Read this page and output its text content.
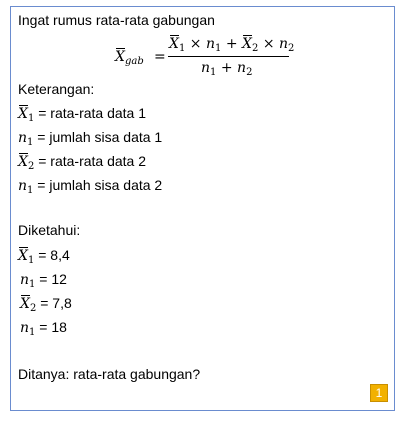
Ingat rumus rata-rata gabungan
$X_{gab}$ =
$X_1 \times n_1 + X_2 \times n_2$
$n_1 + n_2$
Keterangan:
$X_1$ = rata-rata data 1
$n_1$ = jumlah sisa data 1
$X_2$ = rata-rata data 2
$n_1$ = jumlah sisa data 2
Diketahui:
$X_1 = 8,4$
$n_1 = 12$
$X_2 = 7,8$
$n_1 = 18$
Ditanya: rata-rata gabungan?
1
